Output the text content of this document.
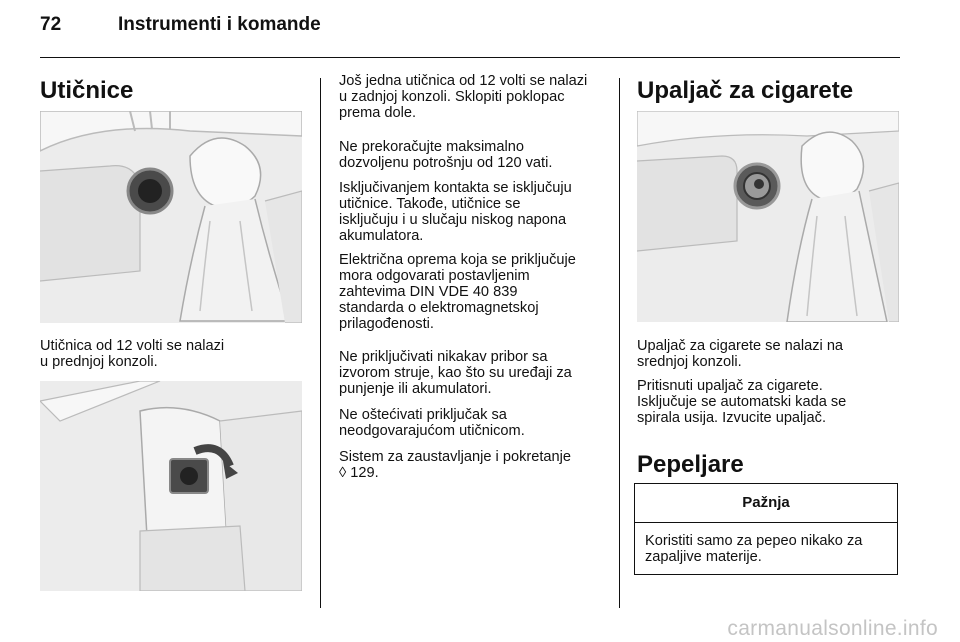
72	Instrumenti i komande
Utičnice

Utičnica od 12 volti se nalazi
u prednjoj konzoli.

Još jedna utičnica od 12 volti se nalazi
u zadnjoj konzoli. Sklopiti poklopac
prema dole.

Ne prekoračujte maksimalno
dozvoljenu potrošnju od 120 vati.

Isključivanjem kontakta se isključuju
utičnice. Takođe, utičnice se
isključuju i u slučaju niskog napona
akumulatora.

Električna oprema koja se priključuje
mora odgovarati postavljenim
zahtevima DIN VDE 40 839
standarda o elektromagnetskoj
prilagođenosti.

Ne priključivati nikakav pribor sa
izvorom struje, kao što su uređaji za
punjenje ili akumulatori.

Ne oštećivati priključak sa
neodgovarajućom utičnicom.

Sistem za zaustavljanje i pokretanje
◊ 129.

Upaljač za cigarete

Upaljač za cigarete se nalazi na
srednjoj konzoli.

Pritisnuti upaljač za cigarete.
Isključuje se automatski kada se
spirala usija. Izvucite upaljač.

Pepeljare
Pažnja
Koristiti samo za pepeo nikako za
zapaljive materije.
carmanualsonline.info
